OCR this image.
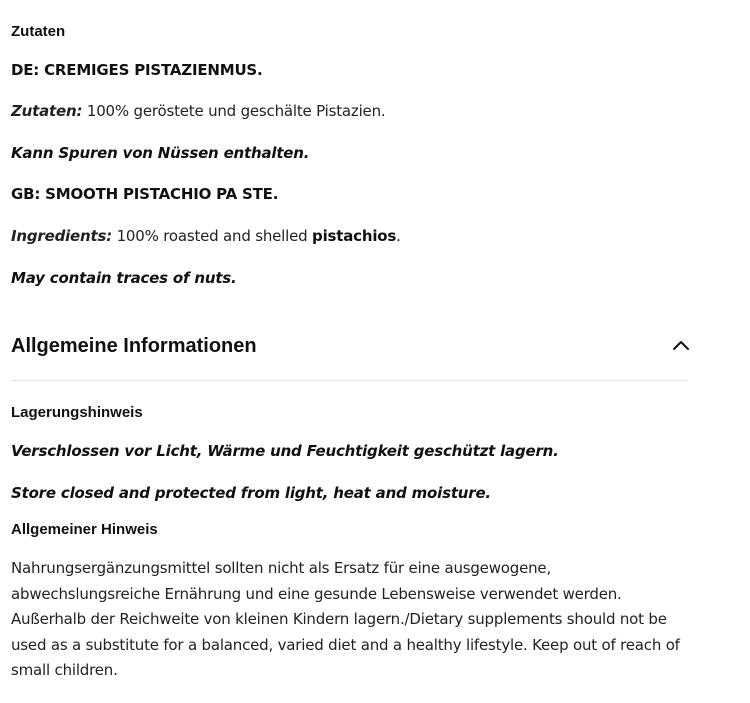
Zutaten
DE: CREMIGES PISTAZIENMUS.
Zutaten: 100% geröstete und geschälte Pistazien.
Kann Spuren von Nüssen enthalten.
GB: SMOOTH PISTACHIO PA STE.
Ingredients: 100% roasted and shelled pistachios.
May contain traces of nuts.
Allgemeine Informationen
Lagerungshinweis
Verschlossen vor Licht, Wärme und Feuchtigkeit geschützt lagern.
Store closed and protected from light, heat and moisture.
Allgemeiner Hinweis
Nahrungsergänzungsmittel sollten nicht als Ersatz für eine ausgewogene, abwechslungsreiche Ernährung und eine gesunde Lebensweise verwendet werden. Außerhalb der Reichweite von kleinen Kindern lagern./Dietary supplements should not be used as a substitute for a balanced, varied diet and a healthy lifestyle. Keep out of reach of small children.
